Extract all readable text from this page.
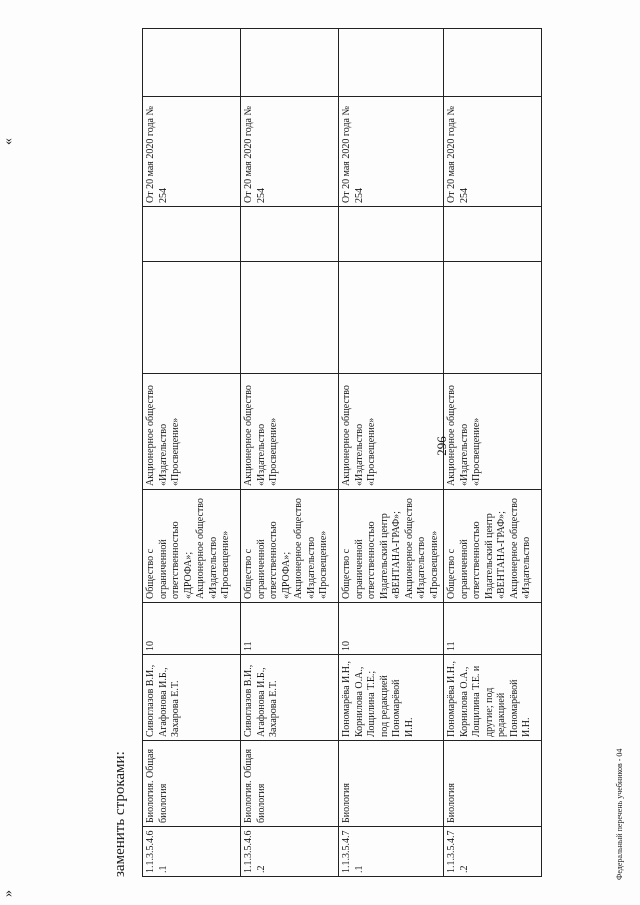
«
»
заменить строками:	Федеральный перечень учебников - 04
1.1.3.5.4.6.1	Биология. Общая биология	Сивоглазов В.И., Агафонова И.Б., Захарова Е.Т.	10	Общество с ограниченной ответственностью «ДРОФА»; Акционерное общество «Издательство «Просвещение»	Акционерное общество «Издательство «Просвещение»			От 20 мая 2020 года № 254	
1.1.3.5.4.6.2	Биология. Общая биология	Сивоглазов В.И., Агафонова И.Б., Захарова Е.Т.	11	Общество с ограниченной ответственностью «ДРОФА»; Акционерное общество «Издательство «Просвещение»	Акционерное общество «Издательство «Просвещение»			От 20 мая 2020 года № 254	
1.1.3.5.4.7.1	Биология	Пономарёва И.Н., Корнилова О.А., Лощилина Т.Е.; под редакцией Пономарёвой И.Н.	10	Общество с ограниченной ответственностью Издательский центр «ВЕНТАНА-ГРАФ»; Акционерное общество «Издательство «Просвещение»	Акционерное общество «Издательство «Просвещение»			От 20 мая 2020 года № 254	
1.1.3.5.4.7.2	Биология	Пономарёва И.Н., Корнилова О.А., Лощилина Т.Е. и другие; под редакцией Пономарёвой И.Н.	11	Общество с ограниченной ответственностью Издательский центр «ВЕНТАНА-ГРАФ»; Акционерное общество «Издательство	Акционерное общество «Издательство «Просвещение»			От 20 мая 2020 года № 254	
296
